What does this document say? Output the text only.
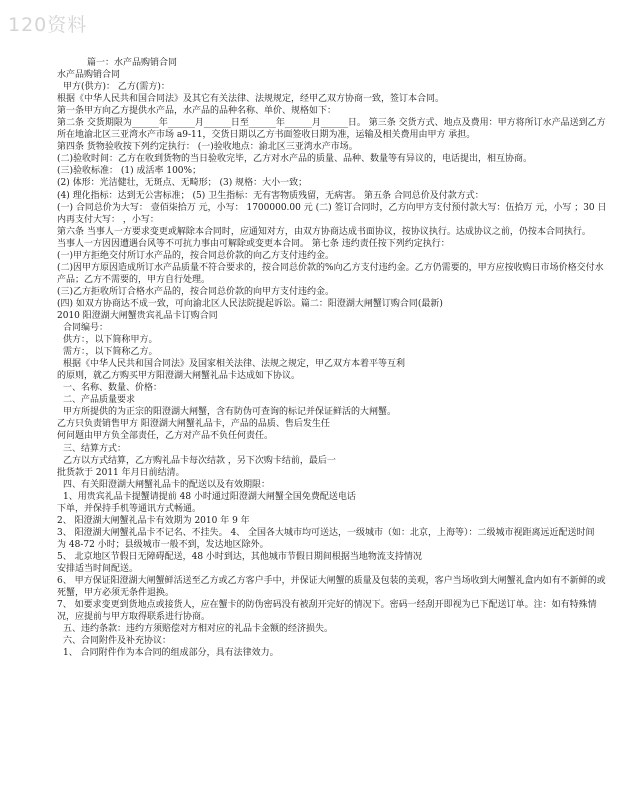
120资料
篇一：水产品购销合同
水产品购销合同
甲方(供方)： 乙方(需方)：
根据《中华人民共和国合同法》及其它有关法律、法规规定，经甲乙双方协商一致，签订本合同。
第一条甲方向乙方提供水产品，水产品的品种名称、单价、规格如下：
第二条 交货期限为______年______月______日至______年______月______日。 第三条 交货方式、地点及费用：甲方将所订水产品送到乙方所在地渝北区三亚湾水产市场 a9-11，交货日期以乙方书面签收日期为准，运输及相关费用由甲方 承担。
第四条 货物验收按下列约定执行： (一)验收地点：渝北区三亚湾水产市场。
(二)验收时间：乙方在收到货物的当日验收完毕，乙方对水产品的质量、品种、数量等有异议的，电话提出，相互协商。
(三)验收标准： (1) 成活率 100%；
(2) 体形：光洁健壮，无斑点、无畸形； (3) 规格：大小一致；
(4) 理化指标：达到无公害标准； (5) 卫生指标：无有害物质残留，无病害。 第五条 合同总价及付款方式：
(一) 合同总价为大写： 壹佰柒拾万 元，小写： 1700000.00 元 (二) 签订合同时，乙方向甲方支付预付款大写：伍拾万 元，小写 ；30 日内再支付大写： ，小写：
第六条 当事人一方要求变更或解除本合同时，应通知对方，由双方协商达成书面协议，按协议执行。达成协议之前，仍按本合同执行。
当事人一方因因遭遇台风等不可抗力事由可解除或变更本合同。 第七条 违约责任按下列约定执行：
(一)甲方拒绝交付所订水产品的，按合同总价款的向乙方支付违约金。
(二)因甲方原因造成所订水产品质量不符合要求的，按合同总价款的%向乙方支付违约金。乙方仍需要的，甲方应按收购日市场价格交付水产品；乙方不需要的，甲方自行处理。
(三)乙方拒收所订合格水产品的，按合同总价款的向甲方支付违约金。
(四) 如双方协商达不成一致，可向渝北区人民法院提起诉讼。篇二：阳澄湖大闸蟹订购合同(最新)
2010 阳澄湖大闸蟹贵宾礼品卡订购合同
合同编号：
供方：，以下简称甲方。
需方：，以下简称乙方。
根据《中华人民共和国合同法》及国家相关法律、法规之规定，甲乙双方本着平等互利
的原则，就乙方购买甲方阳澄湖大闸蟹礼品卡达成如下协议。
一、名称、数量、价格：
二、产品质量要求
甲方所提供的为正宗的阳澄湖大闸蟹，含有防伪可查询的标记并保证鲜活的大闸蟹。
乙方只负责销售甲方 阳澄湖大闸蟹礼品卡，产品的品质、售后发生任
何问题由甲方负全部责任，乙方对产品不负任何责任。
三、结算方式：
乙方以方式结算，乙方购礼品卡每次结款 ，另下次购卡结前，最后一
批货款于 2011 年月日前结清。
四、有关阳澄湖大闸蟹礼品卡的配送以及有效期限：
1、用贵宾礼品卡提蟹请提前 48 小时通过阳澄湖大闸蟹全国免费配送电话
下单，并保持手机等通讯方式畅通。
2、 阳澄湖大闸蟹礼品卡有效期为 2010 年 9 年
3、 阳澄湖大闸蟹礼品卡不记名、不挂失。 4、 全国各大城市均可送达，一级城市（如：北京，上海等）：二级城市视距离远近配送时间
为 48-72 小时；县级城市一般不到，发达地区除外。
5、 北京地区节假日无障碍配送，48 小时到达，其他城市节假日期间根据当地物流支持情况
安排适当时间配送。
6、 甲方保证阳澄湖大闸蟹鲜活送至乙方或乙方客户手中，并保证大闸蟹的质量及包装的美观，客户当场收到大闸蟹礼盒内如有不新鲜的或死蟹，甲方必须无条件退换。
7、 如要求变更到货地点或接货人，应在蟹卡的防伪密码没有被刮开完好的情况下。密码一经刮开即视为已下配送订单。注：如有特殊情况，应提前与甲方取得联系进行协商。
五、违约条款：违约方须赔偿对方相对应的礼品卡金额的经济损失。
六、合同附件及补充协议：
1、 合同附件作为本合同的组成部分，具有法律效力。
